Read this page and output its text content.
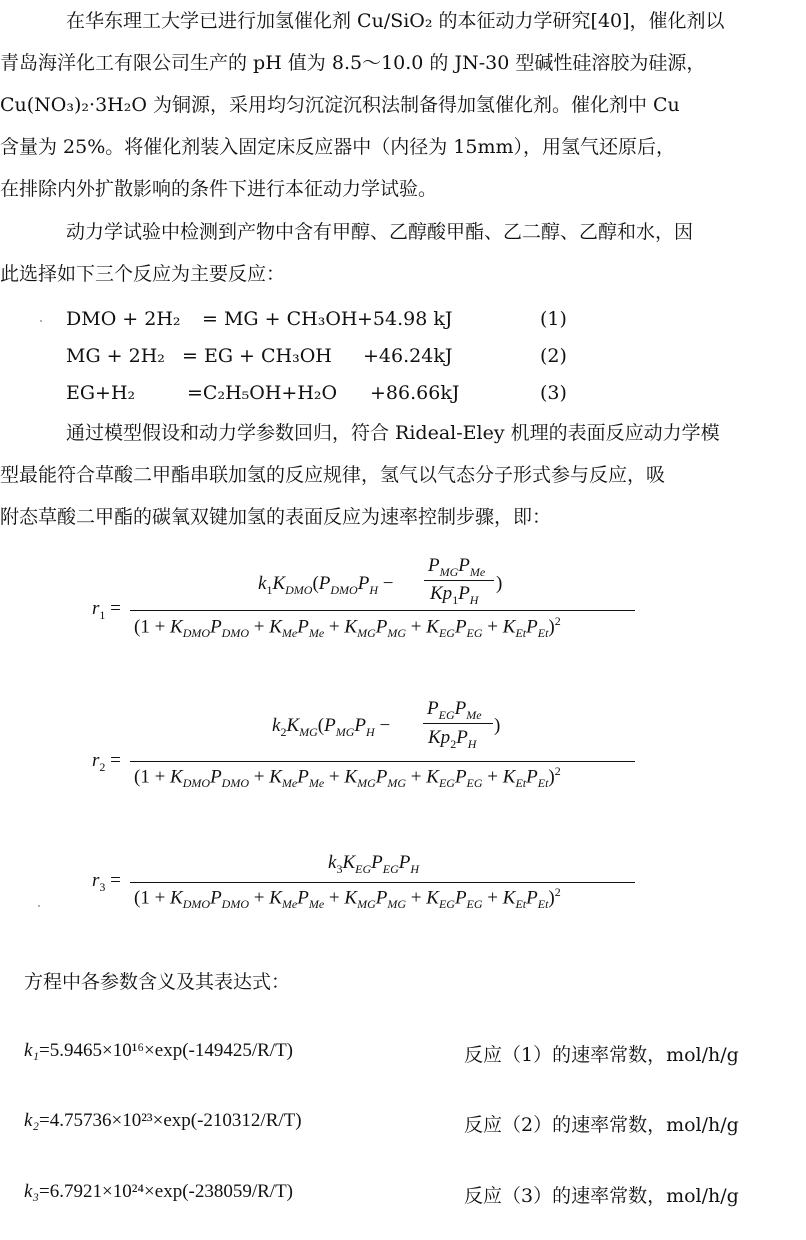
在华东理工大学已进行加氢催化剂 Cu/SiO₂ 的本征动力学研究[40]，催化剂以
青岛海洋化工有限公司生产的 pH 值为 8.5～10.0 的 JN-30 型碱性硅溶胶为硅源，
Cu(NO₃)₂·3H₂O 为铜源，采用均匀沉淀沉积法制备得加氢催化剂。催化剂中 Cu
含量为 25%。将催化剂装入固定床反应器中（内径为 15mm），用氢气还原后，
在排除内外扩散影响的条件下进行本征动力学试验。
动力学试验中检测到产物中含有甲醇、乙醇酸甲酯、乙二醇、乙醇和水，因
此选择如下三个反应为主要反应：
DMO + 2H₂ = MG + CH₃OH +54.98 kJ	(1)
MG + 2H₂ = EG + CH₃OH +46.24kJ	(2)
EG+H₂	=C₂H₅OH+H₂O +86.66kJ	(3)
通过模型假设和动力学参数回归，符合 Rideal-Eley 机理的表面反应动力学模
型最能符合草酸二甲酯串联加氢的反应规律，氢气以气态分子形式参与反应，吸
附态草酸二甲酯的碳氧双键加氢的表面反应为速率控制步骤，即：
$k_1K_{DMO}(P_{DMO}P_H$ −
$P_{MG}P_{Me}$
$Kp_1P_H$
)
$r_1$ =
$(1 + K_{DMO}P_{DMO} + K_{Me}P_{Me} + K_{MG}P_{MG} + K_{EG}P_{EG} + K_{Et}P_{Et})^2$
$k_2K_{MG}(P_{MG}P_H$ −
$P_{EG}P_{Me}$
$Kp_2P_H$
)
$r_2$ =
$(1 + K_{DMO}P_{DMO} + K_{Me}P_{Me} + K_{MG}P_{MG} + K_{EG}P_{EG} + K_{Et}P_{Et})^2$
$k_3K_{EG}P_{EG}P_H$
$r_3$ =
$(1 + K_{DMO}P_{DMO} + K_{Me}P_{Me} + K_{MG}P_{MG} + K_{EG}P_{EG} + K_{Et}P_{Et})^2$
方程中各参数含义及其表达式：
k₁=5.9465×10¹⁶×exp(-149425/R/T)	反应（1）的速率常数，mol/h/g
k₂=4.75736×10²³×exp(-210312/R/T)	反应（2）的速率常数，mol/h/g
k₃=6.7921×10²⁴×exp(-238059/R/T)	反应（3）的速率常数，mol/h/g
